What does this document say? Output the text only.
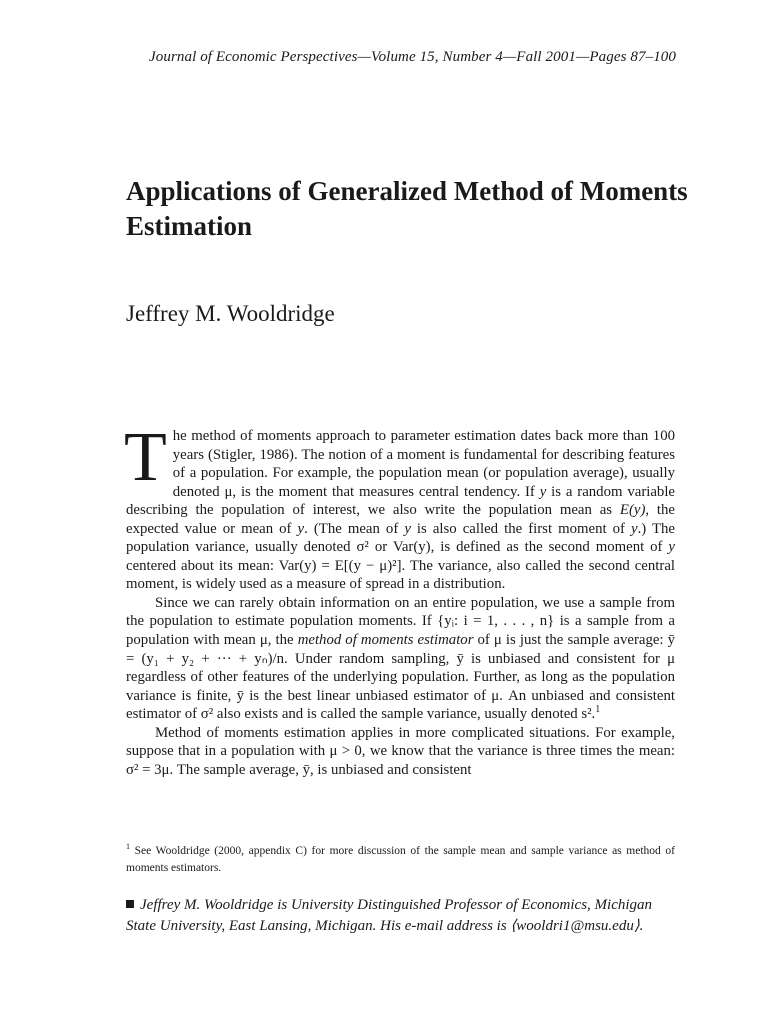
Journal of Economic Perspectives—Volume 15, Number 4—Fall 2001—Pages 87–100
Applications of Generalized Method of Moments Estimation
Jeffrey M. Wooldridge

The method of moments approach to parameter estimation dates back more than 100 years (Stigler, 1986). The notion of a moment is fundamental for describing features of a population. For example, the population mean (or population average), usually denoted μ, is the moment that measures central tendency. If y is a random variable describing the population of interest, we also write the population mean as E(y), the expected value or mean of y. (The mean of y is also called the first moment of y.) The population variance, usually denoted σ² or Var(y), is defined as the second moment of y centered about its mean: Var(y) = E[(y − μ)²]. The variance, also called the second central moment, is widely used as a measure of spread in a distribution.

Since we can rarely obtain information on an entire population, we use a sample from the population to estimate population moments. If {yᵢ: i = 1, . . . , n} is a sample from a population with mean μ, the method of moments estimator of μ is just the sample average: ȳ = (y₁ + y₂ + ··· + yₙ)/n. Under random sampling, ȳ is unbiased and consistent for μ regardless of other features of the underlying population. Further, as long as the population variance is finite, ȳ is the best linear unbiased estimator of μ. An unbiased and consistent estimator of σ² also exists and is called the sample variance, usually denoted s².$^1$

Method of moments estimation applies in more complicated situations. For example, suppose that in a population with μ > 0, we know that the variance is three times the mean: σ² = 3μ. The sample average, ȳ, is unbiased and consistent

$^1$ See Wooldridge (2000, appendix C) for more discussion of the sample mean and sample variance as method of moments estimators.
Jeffrey M. Wooldridge is University Distinguished Professor of Economics, Michigan State University, East Lansing, Michigan. His e-mail address is ⟨wooldri1@msu.edu⟩.
